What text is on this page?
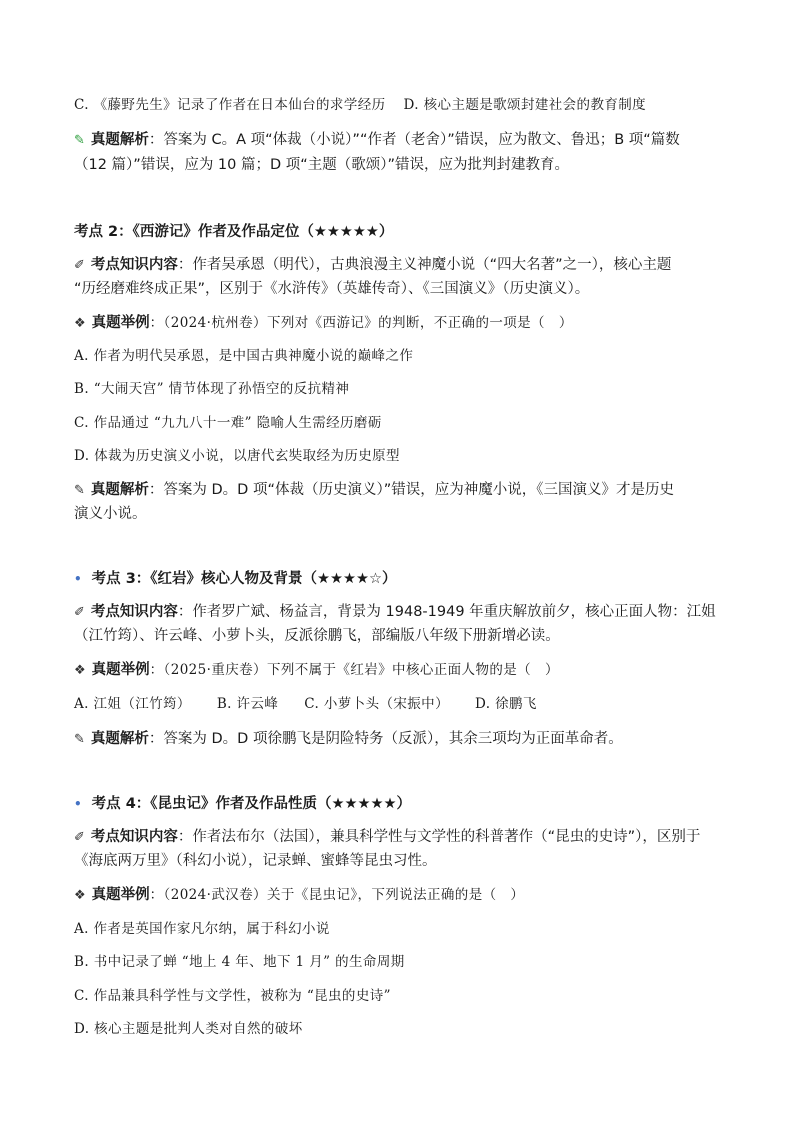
C. 《藤野先生》记录了作者在日本仙台的求学经历 D. 核心主题是歌颂封建社会的教育制度
✎ 真题解析：答案为 C。A 项“体裁（小说）”“作者（老舍）”错误，应为散文、鲁迅；B 项“篇数
（12 篇）”错误，应为 10 篇；D 项“主题（歌颂）”错误，应为批判封建教育。
考点 2：《西游记》作者及作品定位（★★★★★）
✐ 考点知识内容：作者吴承恩（明代），古典浪漫主义神魔小说（“四大名著”之一），核心主题
“历经磨难终成正果”，区别于《水浒传》（英雄传奇）、《三国演义》（历史演义）。
❖ 真题举例：（2024·杭州卷）下列对《西游记》的判断，不正确的一项是（　）
A. 作者为明代吴承恩，是中国古典神魔小说的巅峰之作
B. “大闹天宫” 情节体现了孙悟空的反抗精神
C. 作品通过 “九九八十一难” 隐喻人生需经历磨砺
D. 体裁为历史演义小说，以唐代玄奘取经为历史原型
✎ 真题解析：答案为 D。D 项“体裁（历史演义）”错误，应为神魔小说，《三国演义》才是历史
演义小说。
• 考点 3：《红岩》核心人物及背景（★★★★☆）
✐ 考点知识内容：作者罗广斌、杨益言，背景为 1948-1949 年重庆解放前夕，核心正面人物：江姐
（江竹筠）、许云峰、小萝卜头，反派徐鹏飞，部编版八年级下册新增必读。
❖ 真题举例：（2025·重庆卷）下列不属于《红岩》中核心正面人物的是（　）
A. 江姐（江竹筠） B. 许云峰 C. 小萝卜头（宋振中） D. 徐鹏飞
✎ 真题解析：答案为 D。D 项徐鹏飞是阴险特务（反派），其余三项均为正面革命者。
• 考点 4：《昆虫记》作者及作品性质（★★★★★）
✐ 考点知识内容：作者法布尔（法国），兼具科学性与文学性的科普著作（“昆虫的史诗”），区别于
《海底两万里》（科幻小说），记录蝉、蜜蜂等昆虫习性。
❖ 真题举例：（2024·武汉卷）关于《昆虫记》，下列说法正确的是（　）
A. 作者是英国作家凡尔纳，属于科幻小说
B. 书中记录了蝉 “地上 4 年、地下 1 月” 的生命周期
C. 作品兼具科学性与文学性，被称为 “昆虫的史诗”
D. 核心主题是批判人类对自然的破坏
